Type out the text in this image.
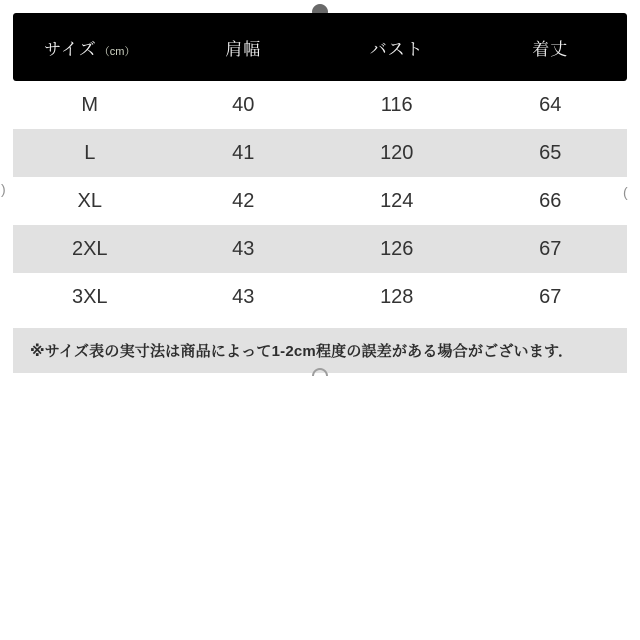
サイズ （cm）	肩幅	バスト	着丈
M	40	116	64
L	41	120	65
XL	42	124	66
2XL	43	126	67
3XL	43	128	67
※サイズ表の実寸法は商品によって1-2cm程度の誤差がある場合がございます．
)	(
